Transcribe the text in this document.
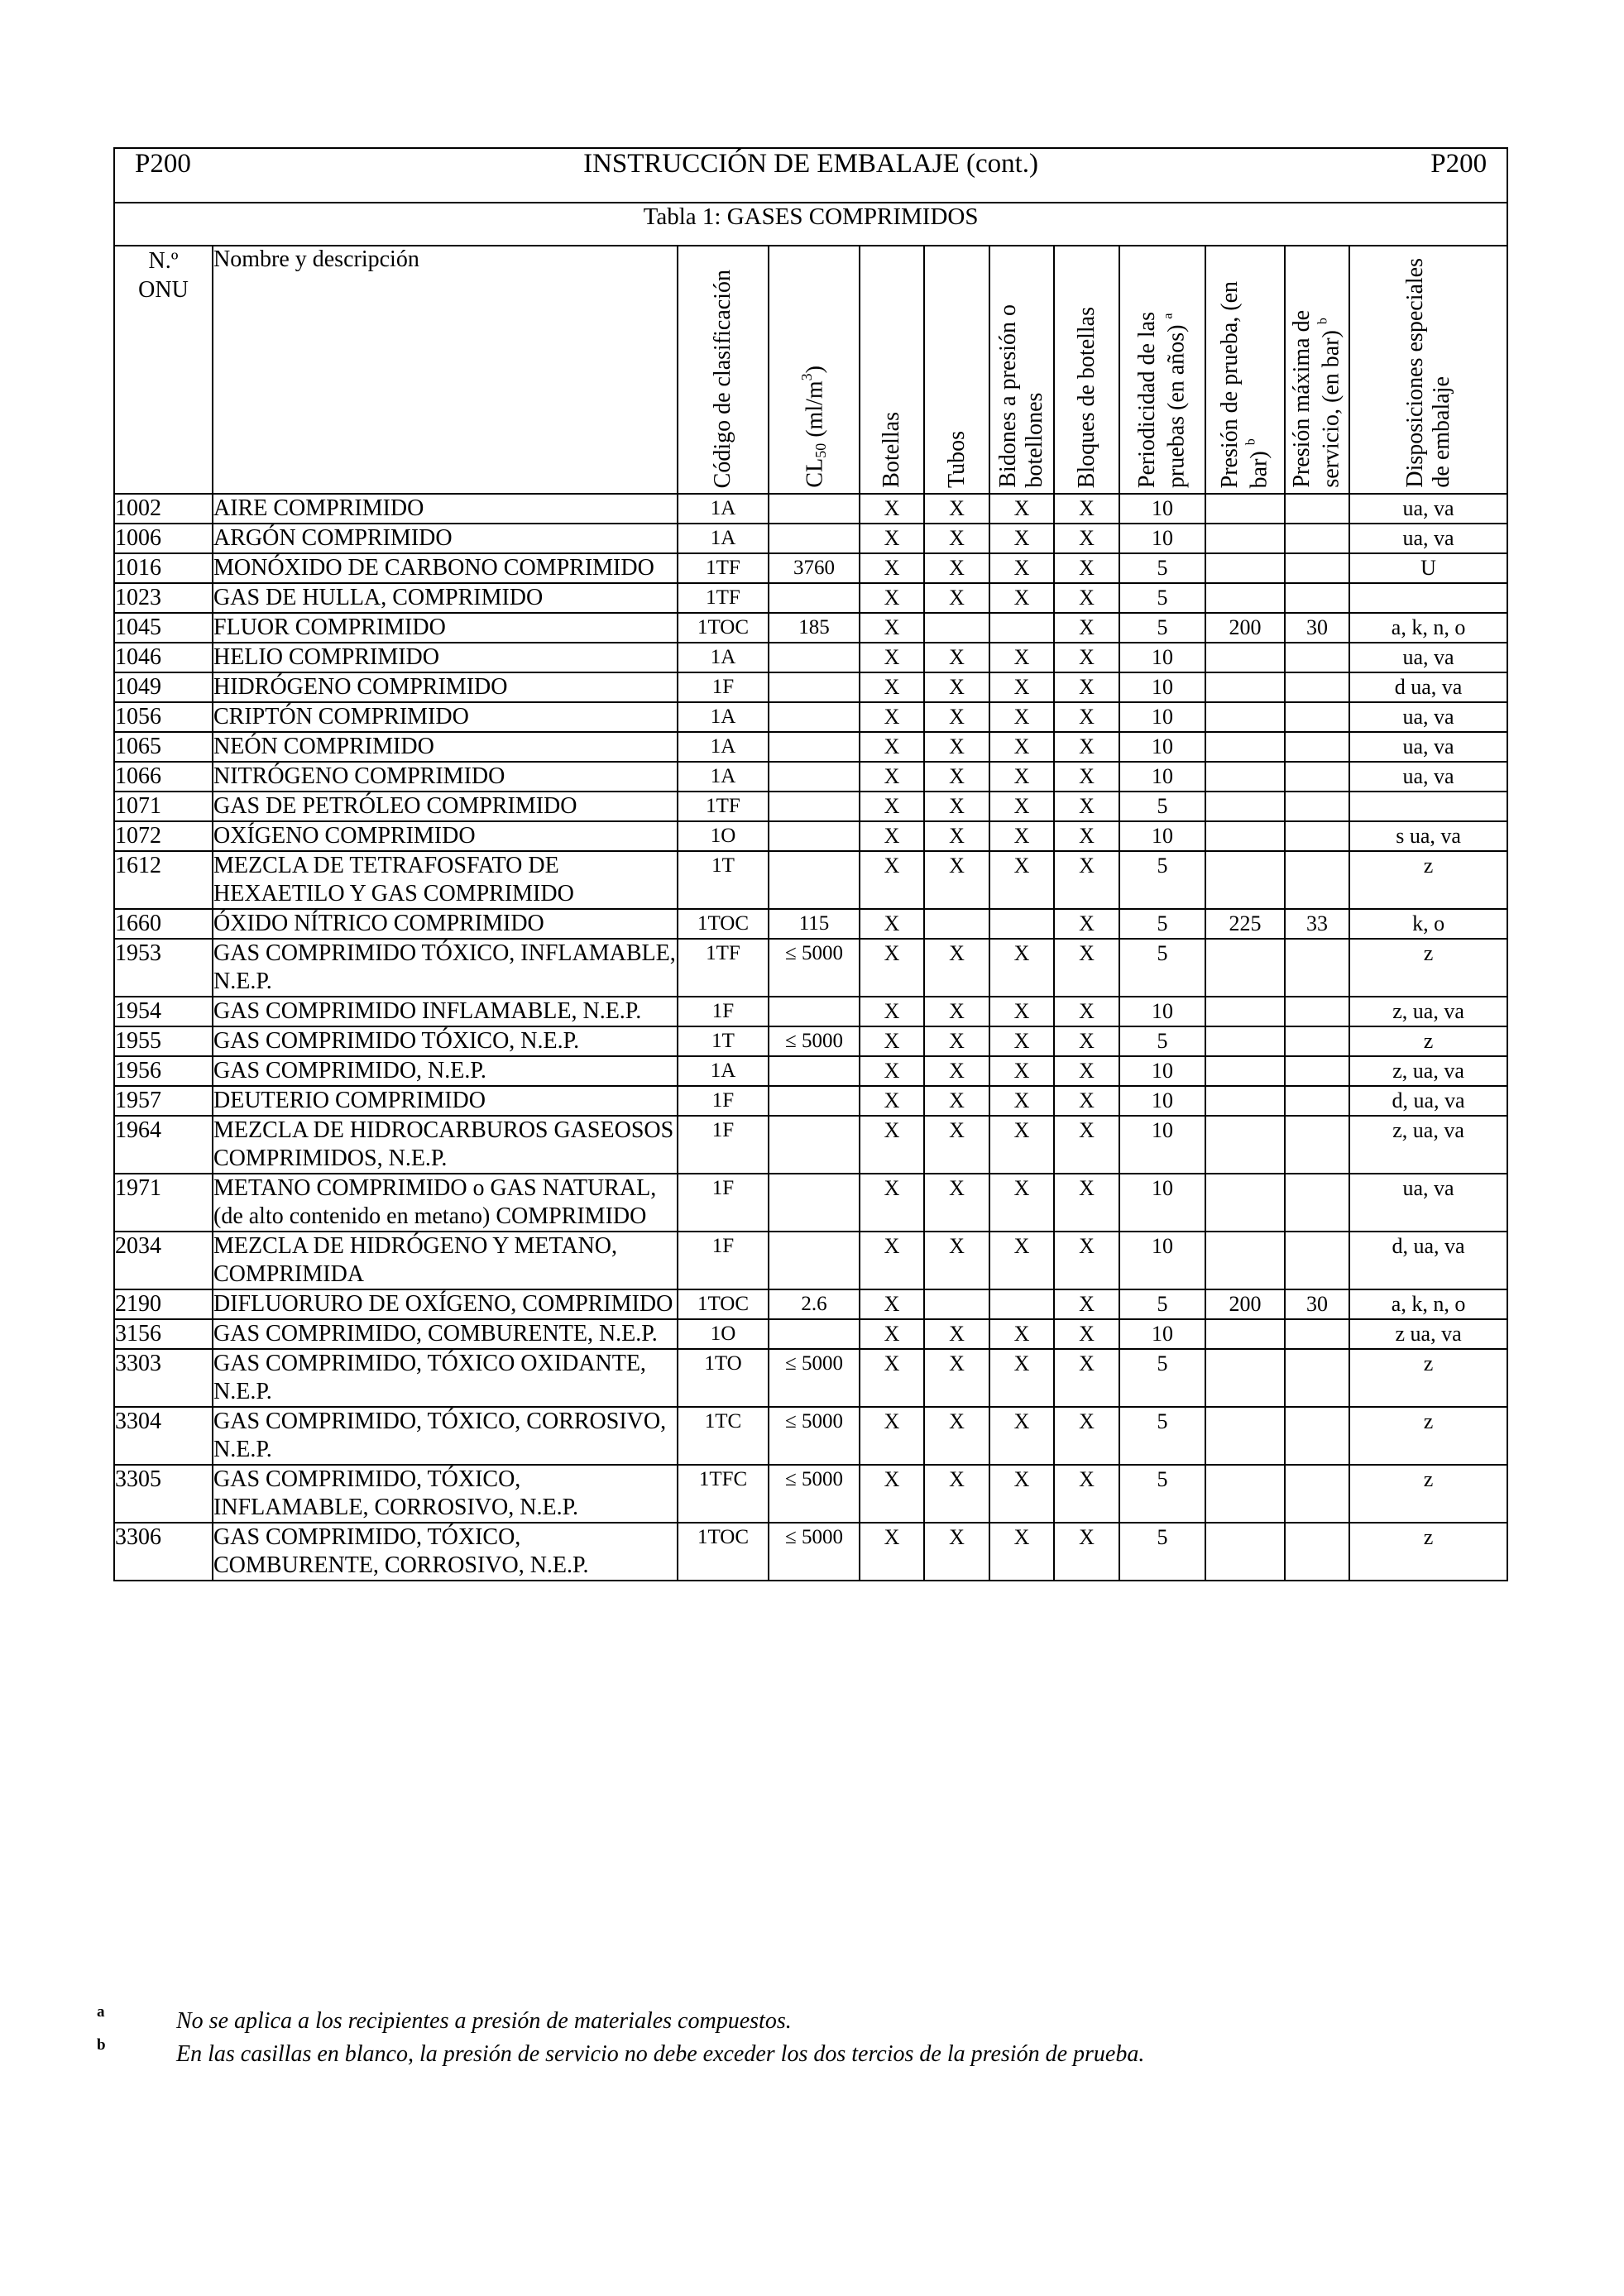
P200 INSTRUCCIÓN DE EMBALAJE (cont.) P200											

Tabla 1: GASES COMPRIMIDOS											
N.º
ONU	Nombre y descripción	Código de clasificación	$CL_{50}$ $(ml/m^3)$	Botellas	Tubos	Bidones a presión o
botellones	Bloques de botellas	Periodicidad de las pruebas (en años) $^a$	Presión de prueba, (en bar) $^b$	Presión máxima de servicio, (en bar) $^b$	Disposiciones especiales
de embalaje

1002	AIRE COMPRIMIDO	1A		X	X	X	X	10			ua, va
1006	ARGÓN COMPRIMIDO	1A		X	X	X	X	10			ua, va
1016	MONÓXIDO DE CARBONO COMPRIMIDO	1TF	3760	X	X	X	X	5			U
1023	GAS DE HULLA, COMPRIMIDO	1TF		X	X	X	X	5			
1045	FLUOR COMPRIMIDO	1TOC	185	X			X	5	200	30	a, k, n, o
1046	HELIO COMPRIMIDO	1A		X	X	X	X	10			ua, va
1049	HIDRÓGENO COMPRIMIDO	1F		X	X	X	X	10			d ua, va
1056	CRIPTÓN COMPRIMIDO	1A		X	X	X	X	10			ua, va
1065	NEÓN COMPRIMIDO	1A		X	X	X	X	10			ua, va
1066	NITRÓGENO COMPRIMIDO	1A		X	X	X	X	10			ua, va
1071	GAS DE PETRÓLEO COMPRIMIDO	1TF		X	X	X	X	5			
1072	OXÍGENO COMPRIMIDO	1O		X	X	X	X	10			s ua, va
1612	MEZCLA DE TETRAFOSFATO DE HEXAETILO Y GAS COMPRIMIDO	1T		X	X	X	X	5			z
1660	ÓXIDO NÍTRICO COMPRIMIDO	1TOC	115	X			X	5	225	33	k, o
1953	GAS COMPRIMIDO TÓXICO, INFLAMABLE, N.E.P.	1TF	≤ 5000	X	X	X	X	5			z
1954	GAS COMPRIMIDO INFLAMABLE, N.E.P.	1F		X	X	X	X	10			z, ua, va
1955	GAS COMPRIMIDO TÓXICO, N.E.P.	1T	≤ 5000	X	X	X	X	5			z
1956	GAS COMPRIMIDO, N.E.P.	1A		X	X	X	X	10			z, ua, va
1957	DEUTERIO COMPRIMIDO	1F		X	X	X	X	10			d, ua, va
1964	MEZCLA DE HIDROCARBUROS GASEOSOS COMPRIMIDOS, N.E.P.	1F		X	X	X	X	10			z, ua, va
1971	METANO COMPRIMIDO o GAS NATURAL, (de alto contenido en metano) COMPRIMIDO	1F		X	X	X	X	10			ua, va
2034	MEZCLA DE HIDRÓGENO Y METANO, COMPRIMIDA	1F		X	X	X	X	10			d, ua, va
2190	DIFLUORURO DE OXÍGENO, COMPRIMIDO	1TOC	2.6	X			X	5	200	30	a, k, n, o
3156	GAS COMPRIMIDO, COMBURENTE, N.E.P.	1O		X	X	X	X	10			z ua, va
3303	GAS COMPRIMIDO, TÓXICO OXIDANTE, N.E.P.	1TO	≤ 5000	X	X	X	X	5			z
3304	GAS COMPRIMIDO, TÓXICO, CORROSIVO, N.E.P.	1TC	≤ 5000	X	X	X	X	5			z
3305	GAS COMPRIMIDO, TÓXICO, INFLAMABLE, CORROSIVO, N.E.P.	1TFC	≤ 5000	X	X	X	X	5			z
3306	GAS COMPRIMIDO, TÓXICO, COMBURENTE, CORROSIVO, N.E.P.	1TOC	≤ 5000	X	X	X	X	5			z
a	No se aplica a los recipientes a presión de materiales compuestos.
b	En las casillas en blanco, la presión de servicio no debe exceder los dos tercios de la presión de prueba.
